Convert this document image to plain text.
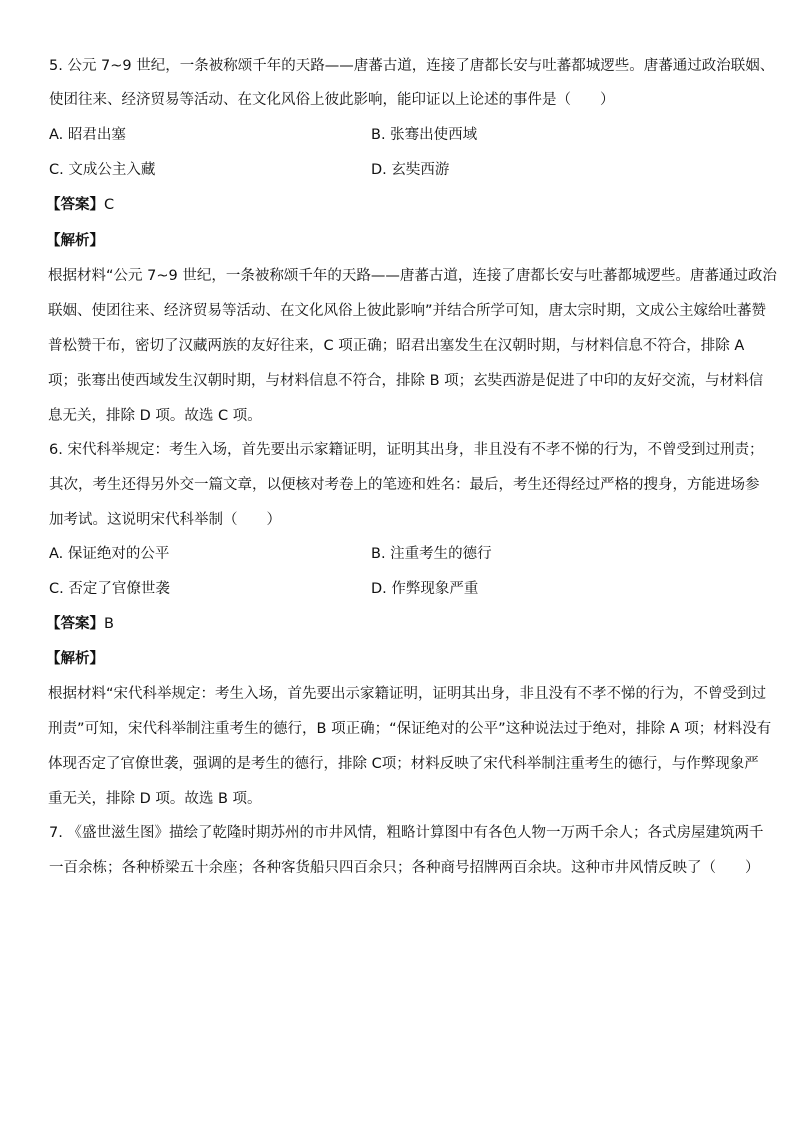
5. 公元 7~9 世纪，一条被称颂千年的天路——唐蕃古道，连接了唐都长安与吐蕃都城逻些。唐蕃通过政治联姻、
使团往来、经济贸易等活动、在文化风俗上彼此影响，能印证以上论述的事件是（　　）
A. 昭君出塞	B. 张骞出使西域
C. 文成公主入藏	D. 玄奘西游
【答案】C
【解析】
根据材料“公元 7~9 世纪，一条被称颂千年的天路——唐蕃古道，连接了唐都长安与吐蕃都城逻些。唐蕃通过政治
联姻、使团往来、经济贸易等活动、在文化风俗上彼此影响”并结合所学可知，唐太宗时期，文成公主嫁给吐蕃赞
普松赞干布，密切了汉藏两族的友好往来，C 项正确；昭君出塞发生在汉朝时期，与材料信息不符合，排除 A
项；张骞出使西域发生汉朝时期，与材料信息不符合，排除 B 项；玄奘西游是促进了中印的友好交流，与材料信
息无关，排除 D 项。故选 C 项。
6. 宋代科举规定：考生入场，首先要出示家籍证明，证明其出身，非且没有不孝不悌的行为，不曾受到过刑责；
其次，考生还得另外交一篇文章，以便核对考卷上的笔迹和姓名：最后，考生还得经过严格的搜身，方能进场参
加考试。这说明宋代科举制（　　）
A. 保证绝对的公平	B. 注重考生的德行
C. 否定了官僚世袭	D. 作弊现象严重
【答案】B
【解析】
根据材料“宋代科举规定：考生入场，首先要出示家籍证明，证明其出身，非且没有不孝不悌的行为，不曾受到过
刑责”可知，宋代科举制注重考生的德行，B 项正确；“保证绝对的公平”这种说法过于绝对，排除 A 项；材料没有
体现否定了官僚世袭，强调的是考生的德行，排除 C项；材料反映了宋代科举制注重考生的德行，与作弊现象严
重无关，排除 D 项。故选 B 项。
7. 《盛世滋生图》描绘了乾隆时期苏州的市井风情，粗略计算图中有各色人物一万两千余人；各式房屋建筑两千
一百余栋；各种桥梁五十余座；各种客货船只四百余只；各种商号招牌两百余块。这种市井风情反映了（　　）
